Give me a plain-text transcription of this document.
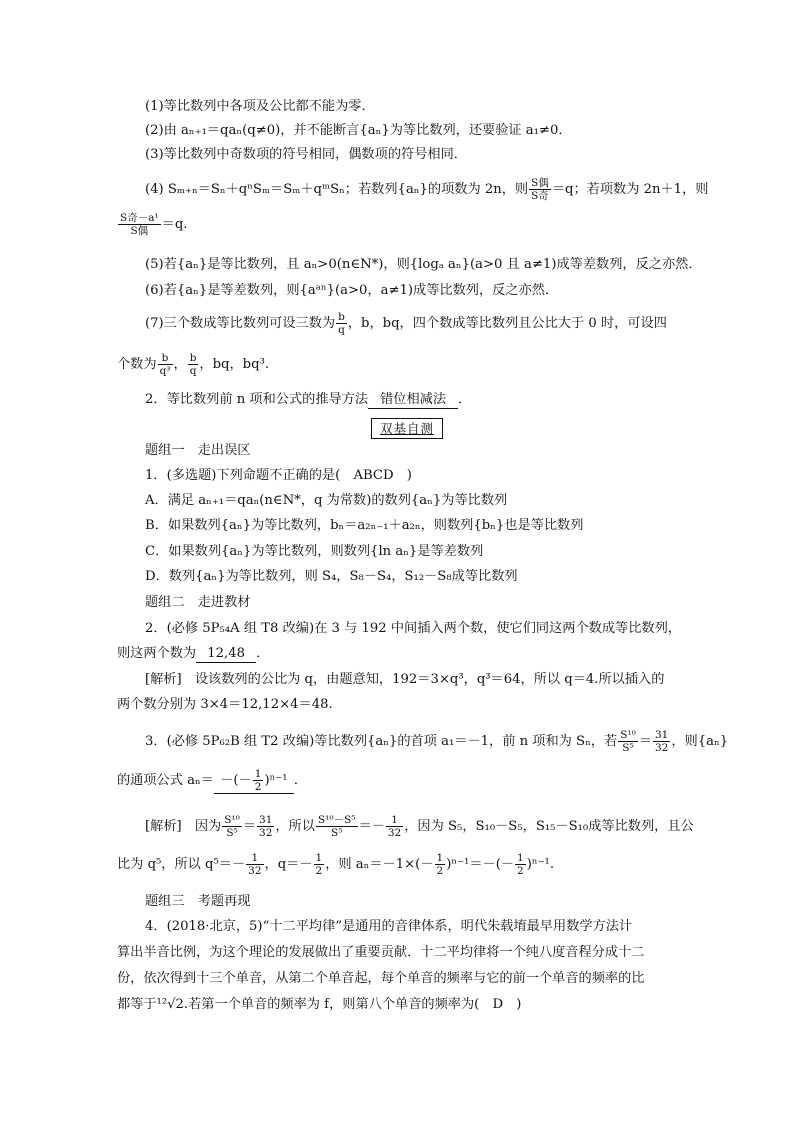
(1)等比数列中各项及公比都不能为零．
(2)由 aₙ₊₁＝qaₙ(q≠0)，并不能断言{aₙ}为等比数列，还要验证 a₁≠0．
(3)等比数列中奇数项的符号相同，偶数项的符号相同．
(4) Sₘ₊ₙ＝Sₙ＋qⁿSₘ＝Sₘ＋qᵐSₙ；若数列{aₙ}的项数为 2n，则 $\frac{\text{S偶}}{\text{S奇}} =q$；若项数为 2n＋1，则
$\frac{\text{S奇－a¹}}{\text{S偶}} =q$.
(5)若{aₙ}是等比数列，且 aₙ>0(n∈N*)，则{logₐ aₙ}(a>0 且 a≠1)成等差数列，反之亦然．
(6)若{aₙ}是等差数列，则{aᵃⁿ}(a>0，a≠1)成等比数列，反之亦然．
(7)三个数成等比数列可设三数为 $\frac{b}{q}$ ，b，bq，四个数成等比数列且公比大于 0 时，可设四
个数为 $\frac{b}{\text{q³}}$ ， $\frac{b}{q}$ ，bq，bq³.
2．等比数列前 n 项和公式的推导方法 错位相减法 ．
双基自测
题组一　走出误区
1．(多选题)下列命题不正确的是(　ABCD　)
A．满足 aₙ₊₁＝qaₙ(n∈N*，q 为常数)的数列{aₙ}为等比数列
B．如果数列{aₙ}为等比数列，bₙ＝a₂ₙ₋₁＋a₂ₙ，则数列{bₙ}也是等比数列
C．如果数列{aₙ}为等比数列，则数列{ln aₙ}是等差数列
D．数列{aₙ}为等比数列，则 S₄，S₈－S₄，S₁₂－S₈成等比数列
题组二　走进教材
2．(必修 5P₅₄A 组 T8 改编)在 3 与 192 中间插入两个数，使它们同这两个数成等比数列，
则这两个数为 12,48 ．
[解析]　设该数列的公比为 q，由题意知，192＝3×q³，q³＝64，所以 q＝4.所以插入的
两个数分别为 3×4＝12,12×4＝48.
3．(必修 5P₆₂B 组 T2 改编)等比数列{aₙ}的首项 a₁＝－1，前 n 项和为 Sₙ，若 $\frac{\text{S¹⁰}}{\text{S⁵}} = \frac{31}{32}$ ，则{aₙ}
的通项公式 aₙ＝ －(－ $\frac{1}{2} )^{n-1}$ ．
[解析]　因为 $\frac{\text{S¹⁰}}{\text{S⁵}} = \frac{31}{32}$ ，所以 $\frac{\text{S¹⁰－S⁵}}{\text{S⁵}} =- \frac{1}{32}$ ，因为 S₅，S₁₀－S₅，S₁₅－S₁₀成等比数列，且公
比为 q⁵，所以 $q^5=- \frac{1}{32}$ ，$q=- \frac{1}{2}$ ，则 $a_n=-1\times(- \frac{1}{2} )^{n-1}=-(- \frac{1}{2} )^{n-1}$.
题组三　考题再现
4．(2018·北京，5)“十二平均律”是通用的音律体系，明代朱载堉最早用数学方法计
算出半音比例，为这个理论的发展做出了重要贡献．十二平均律将一个纯八度音程分成十二
份，依次得到十三个单音，从第二个单音起，每个单音的频率与它的前一个单音的频率的比
都等于¹²√2.若第一个单音的频率为 f，则第八个单音的频率为(　D　)
